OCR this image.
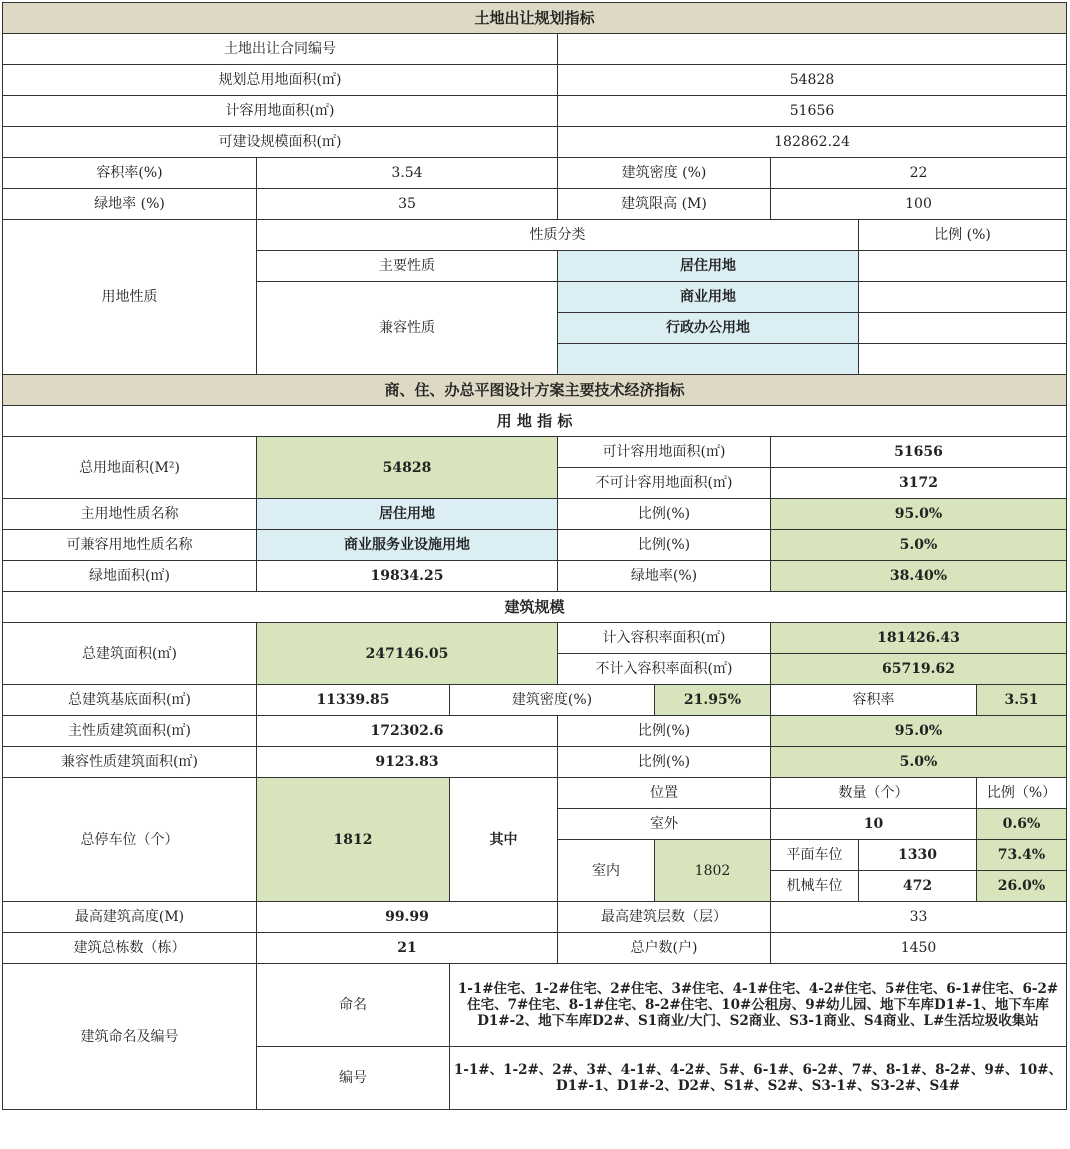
土地出让规划指标							
土地出让合同编号							
规划总用地面积(㎡)			54828				
计容用地面积(㎡)			51656				
可建设规模面积(㎡)			182862.24				
容积率(%)	3.54		建筑密度 (%)		22		
绿地率 (%)	35		建筑限高 (M)		100		
用地性质	性质分类					比例 (%)	
	主要性质		居住用地				
	兼容性质		商业用地				
			行政办公用地				

商、住、办总平图设计方案主要技术经济指标							
用 地 指 标							
总用地面积(M²)	54828		可计容用地面积(㎡)		51656		
			不可计容用地面积(㎡)		3172		
主用地性质名称	居住用地		比例(%)		95.0%		
可兼容用地性质名称	商业服务业设施用地		比例(%)		5.0%		
绿地面积(㎡)	19834.25		绿地率(%)		38.40%		
建筑规模							
总建筑面积(㎡)	247146.05		计入容积率面积(㎡)		181426.43		
			不计入容积率面积(㎡)		65719.62		
总建筑基底面积(㎡)	11339.85	建筑密度(%)		21.95%	容积率		3.51
主性质建筑面积(㎡)	172302.6		比例(%)		95.0%		
兼容性质建筑面积(㎡)	9123.83		比例(%)		5.0%		
总停车位（个）	1812	其中	位置		数量（个）		比例（%）
			室外		10		0.6%
			室内	1802	平面车位	1330	73.4%
					机械车位	472	26.0%
最高建筑高度(M)	99.99		最高建筑层数（层）		33		
建筑总栋数（栋）	21		总户数(户)		1450		
建筑命名及编号	命名	1-1#住宅、1-2#住宅、2#住宅、3#住宅、4-1#住宅、4-2#住宅、5#住宅、6-1#住宅、6-2#住宅、7#住宅、8-1#住宅、8-2#住宅、10#公租房、9#幼儿园、地下车库D1#-1、地下车库D1#-2、地下车库D2#、S1商业/大门、S2商业、S3-1商业、S4商业、L#生活垃圾收集站					
	编号	1-1#、1-2#、2#、3#、4-1#、4-2#、5#、6-1#、6-2#、7#、8-1#、8-2#、9#、10#、D1#-1、D1#-2、D2#、S1#、S2#、S3-1#、S3-2#、S4#					
